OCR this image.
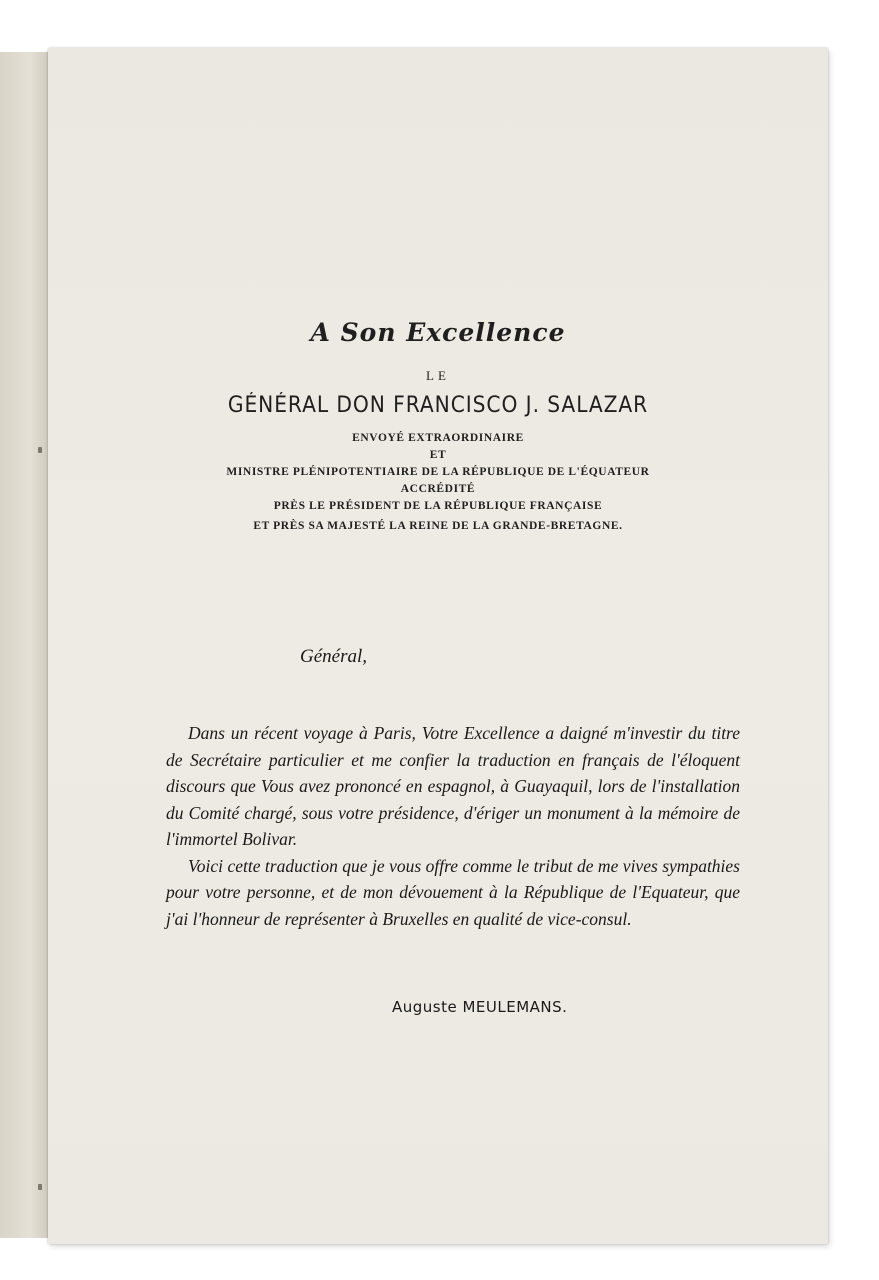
A Son Excellence

LE
GÉNÉRAL DON FRANCISCO J. SALAZAR
ENVOYÉ EXTRAORDINAIRE
ET
MINISTRE PLÉNIPOTENTIAIRE DE LA RÉPUBLIQUE DE L'ÉQUATEUR
ACCRÉDITÉ
PRÈS LE PRÉSIDENT DE LA RÉPUBLIQUE FRANÇAISE
ET PRÈS SA MAJESTÉ LA REINE DE LA GRANDE-BRETAGNE.
Général,

Dans un récent voyage à Paris, Votre Excellence a daigné m'investir du titre de Secrétaire particulier et me confier la traduction en français de l'éloquent discours que Vous avez prononcé en espagnol, à Guayaquil, lors de l'installation du Comité chargé, sous votre présidence, d'ériger un monument à la mémoire de l'immortel Bolivar.

Voici cette traduction que je vous offre comme le tribut de me vives sympathies pour votre personne, et de mon dévouement à la République de l'Equateur, que j'ai l'honneur de représenter à Bruxelles en qualité de vice-consul.

Auguste MEULEMANS.
